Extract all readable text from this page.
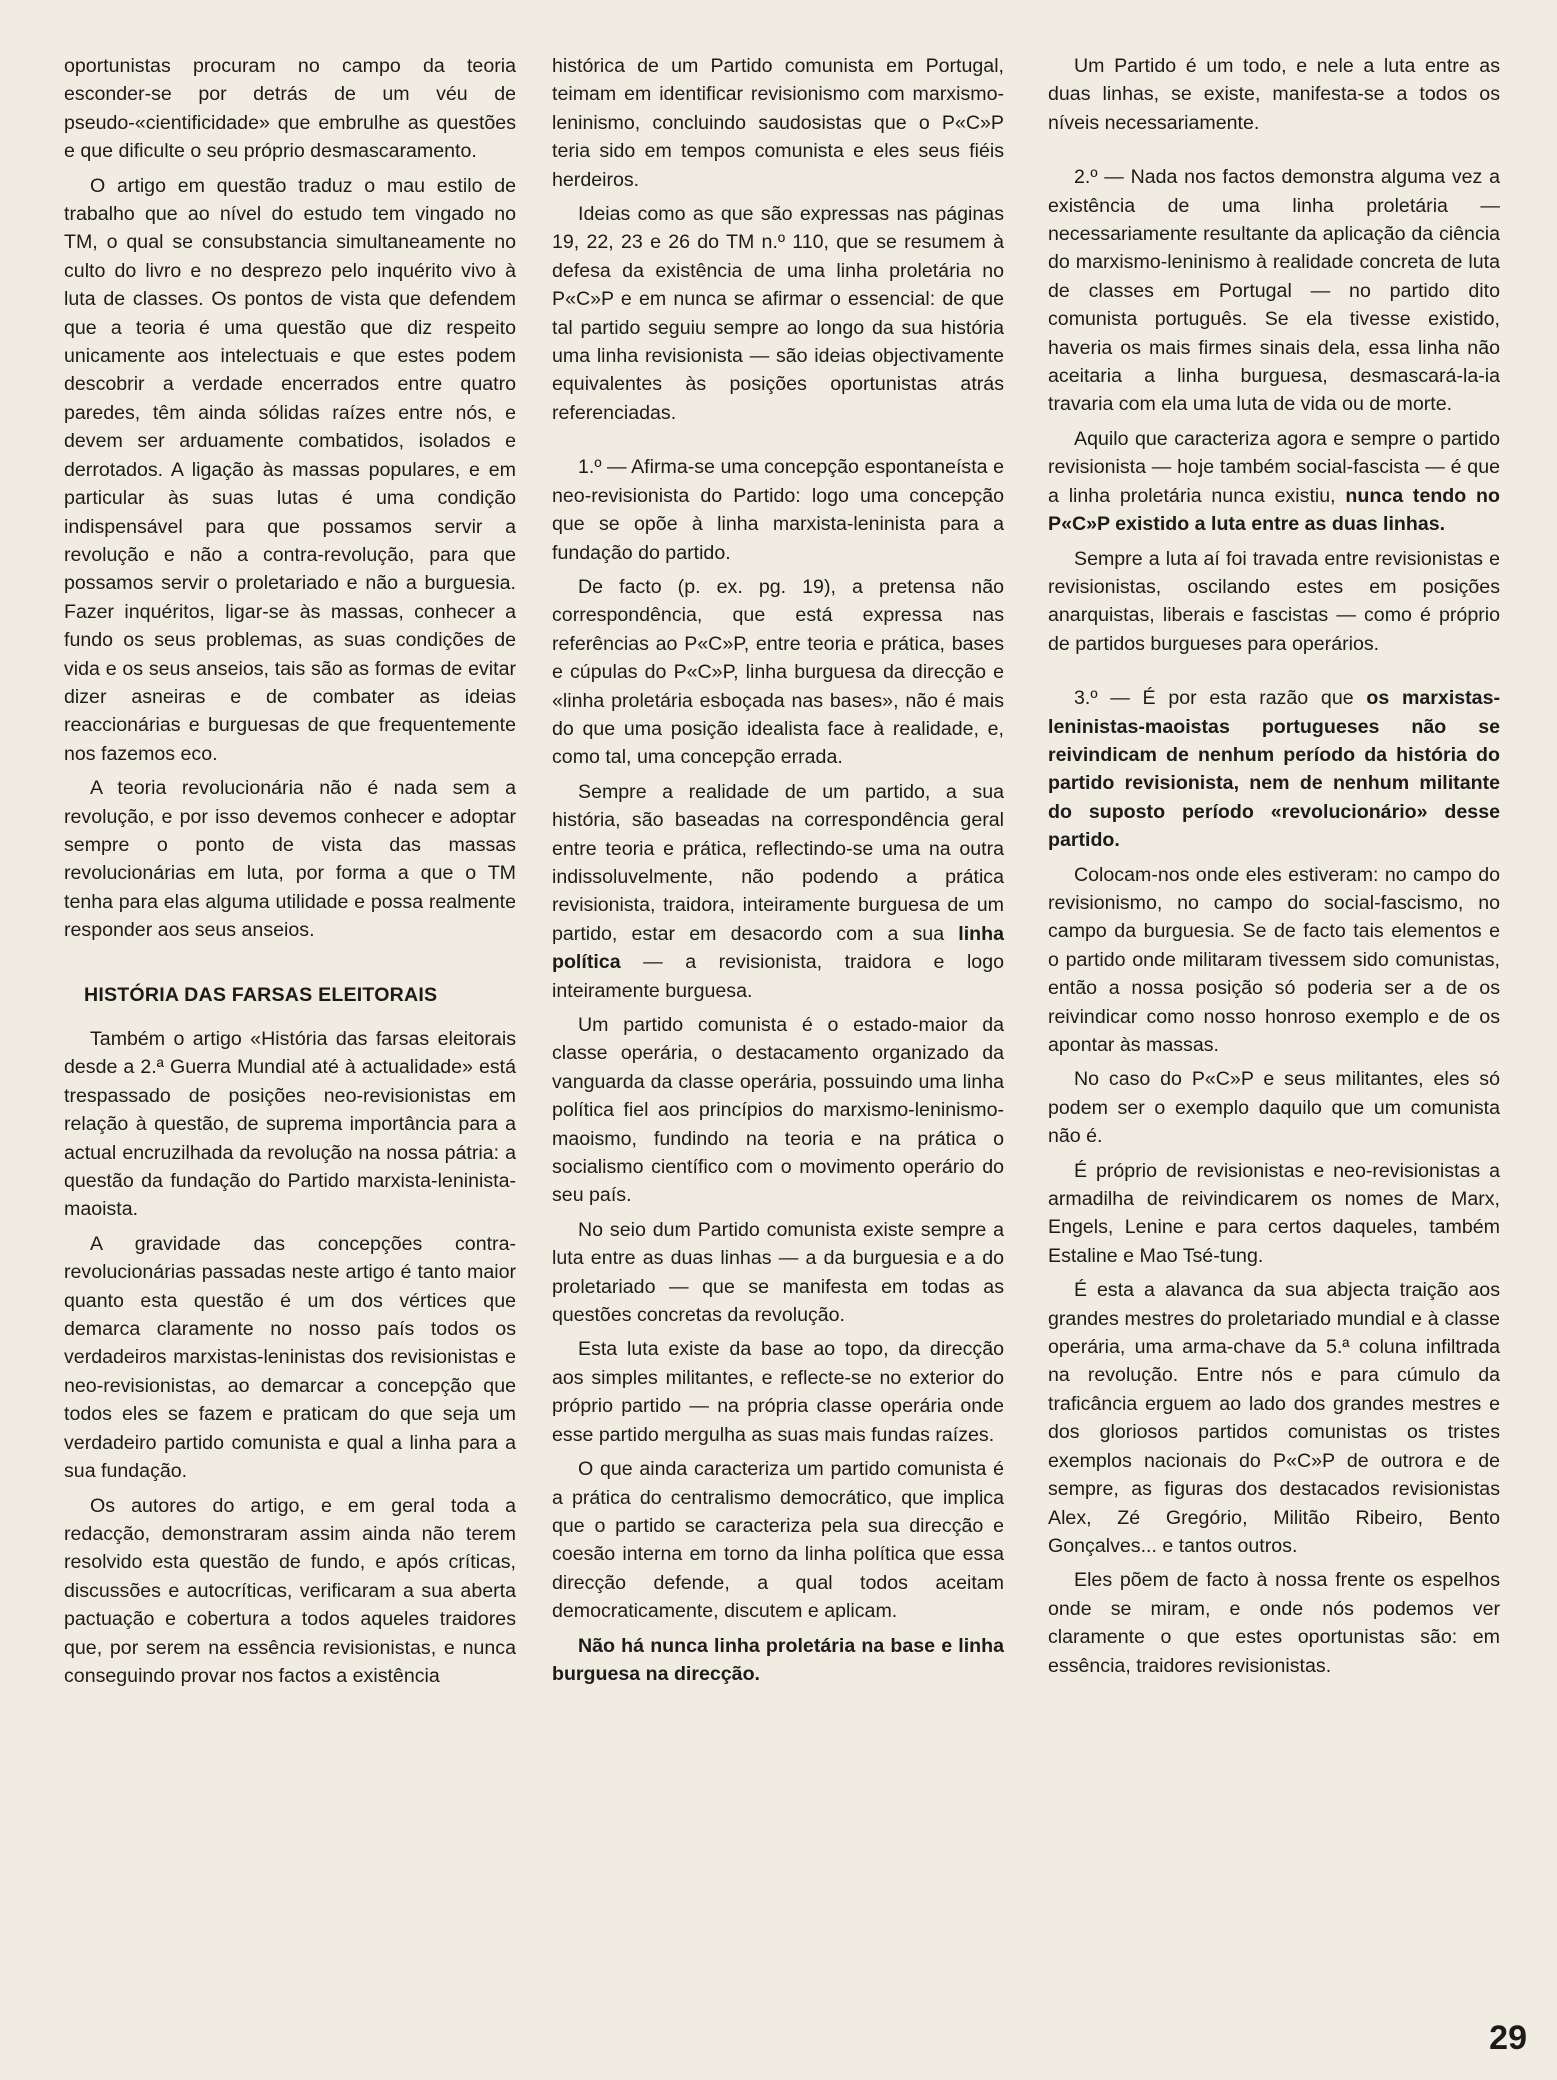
oportunistas procuram no campo da teoria esconder-se por detrás de um véu de pseudo-«cientificidade» que embrulhe as questões e que dificulte o seu próprio desmascaramento.

O artigo em questão traduz o mau estilo de trabalho que ao nível do estudo tem vingado no TM, o qual se consubstancia simultaneamente no culto do livro e no desprezo pelo inquérito vivo à luta de classes. Os pontos de vista que defendem que a teoria é uma questão que diz respeito unicamente aos intelectuais e que estes podem descobrir a verdade encerrados entre quatro paredes, têm ainda sólidas raízes entre nós, e devem ser arduamente combatidos, isolados e derrotados. A ligação às massas populares, e em particular às suas lutas é uma condição indispensável para que possamos servir a revolução e não a contra-revolução, para que possamos servir o proletariado e não a burguesia. Fazer inquéritos, ligar-se às massas, conhecer a fundo os seus problemas, as suas condições de vida e os seus anseios, tais são as formas de evitar dizer asneiras e de combater as ideias reaccionárias e burguesas de que frequentemente nos fazemos eco.

A teoria revolucionária não é nada sem a revolução, e por isso devemos conhecer e adoptar sempre o ponto de vista das massas revolucionárias em luta, por forma a que o TM tenha para elas alguma utilidade e possa realmente responder aos seus anseios.

HISTÓRIA DAS FARSAS ELEITORAIS

Também o artigo «História das farsas eleitorais desde a 2.ª Guerra Mundial até à actualidade» está trespassado de posições neo-revisionistas em relação à questão, de suprema importância para a actual encruzilhada da revolução na nossa pátria: a questão da fundação do Partido marxista-leninista-maoista.

A gravidade das concepções contra-revolucionárias passadas neste artigo é tanto maior quanto esta questão é um dos vértices que demarca claramente no nosso país todos os verdadeiros marxistas-leninistas dos revisionistas e neo-revisionistas, ao demarcar a concepção que todos eles se fazem e praticam do que seja um verdadeiro partido comunista e qual a linha para a sua fundação.

Os autores do artigo, e em geral toda a redacção, demonstraram assim ainda não terem resolvido esta questão de fundo, e após críticas, discussões e autocríticas, verificaram a sua aberta pactuação e cobertura a todos aqueles traidores que, por serem na essência revisionistas, e nunca conseguindo provar nos factos a existência

histórica de um Partido comunista em Portugal, teimam em identificar revisionismo com marxismo-leninismo, concluindo saudosistas que o P«C»P teria sido em tempos comunista e eles seus fiéis herdeiros.

Ideias como as que são expressas nas páginas 19, 22, 23 e 26 do TM n.º 110, que se resumem à defesa da existência de uma linha proletária no P«C»P e em nunca se afirmar o essencial: de que tal partido seguiu sempre ao longo da sua história uma linha revisionista — são ideias objectivamente equivalentes às posições oportunistas atrás referenciadas.

1.º — Afirma-se uma concepção espontaneísta e neo-revisionista do Partido: logo uma concepção que se opõe à linha marxista-leninista para a fundação do partido.

De facto (p. ex. pg. 19), a pretensa não correspondência, que está expressa nas referências ao P«C»P, entre teoria e prática, bases e cúpulas do P«C»P, linha burguesa da direcção e «linha proletária esboçada nas bases», não é mais do que uma posição idealista face à realidade, e, como tal, uma concepção errada.

Sempre a realidade de um partido, a sua história, são baseadas na correspondência geral entre teoria e prática, reflectindo-se uma na outra indissoluvelmente, não podendo a prática revisionista, traidora, inteiramente burguesa de um partido, estar em desacordo com a sua linha política — a revisionista, traidora e logo inteiramente burguesa.

Um partido comunista é o estado-maior da classe operária, o destacamento organizado da vanguarda da classe operária, possuindo uma linha política fiel aos princípios do marxismo-leninismo-maoismo, fundindo na teoria e na prática o socialismo científico com o movimento operário do seu país.

No seio dum Partido comunista existe sempre a luta entre as duas linhas — a da burguesia e a do proletariado — que se manifesta em todas as questões concretas da revolução.

Esta luta existe da base ao topo, da direcção aos simples militantes, e reflecte-se no exterior do próprio partido — na própria classe operária onde esse partido mergulha as suas mais fundas raízes.

O que ainda caracteriza um partido comunista é a prática do centralismo democrático, que implica que o partido se caracteriza pela sua direcção e coesão interna em torno da linha política que essa direcção defende, a qual todos aceitam democraticamente, discutem e aplicam.

Não há nunca linha proletária na base e linha burguesa na direcção.

Um Partido é um todo, e nele a luta entre as duas linhas, se existe, manifesta-se a todos os níveis necessariamente.

2.º — Nada nos factos demonstra alguma vez a existência de uma linha proletária — necessariamente resultante da aplicação da ciência do marxismo-leninismo à realidade concreta de luta de classes em Portugal — no partido dito comunista português. Se ela tivesse existido, haveria os mais firmes sinais dela, essa linha não aceitaria a linha burguesa, desmascará-la-ia travaria com ela uma luta de vida ou de morte.

Aquilo que caracteriza agora e sempre o partido revisionista — hoje também social-fascista — é que a linha proletária nunca existiu, nunca tendo no P«C»P existido a luta entre as duas linhas.

Sempre a luta aí foi travada entre revisionistas e revisionistas, oscilando estes em posições anarquistas, liberais e fascistas — como é próprio de partidos burgueses para operários.

3.º — É por esta razão que os marxistas-leninistas-maoistas portugueses não se reivindicam de nenhum período da história do partido revisionista, nem de nenhum militante do suposto período «revolucionário» desse partido.

Colocam-nos onde eles estiveram: no campo do revisionismo, no campo do social-fascismo, no campo da burguesia. Se de facto tais elementos e o partido onde militaram tivessem sido comunistas, então a nossa posição só poderia ser a de os reivindicar como nosso honroso exemplo e de os apontar às massas.

No caso do P«C»P e seus militantes, eles só podem ser o exemplo daquilo que um comunista não é.

É próprio de revisionistas e neo-revisionistas a armadilha de reivindicarem os nomes de Marx, Engels, Lenine e para certos daqueles, também Estaline e Mao Tsé-tung.

É esta a alavanca da sua abjecta traição aos grandes mestres do proletariado mundial e à classe operária, uma arma-chave da 5.ª coluna infiltrada na revolução. Entre nós e para cúmulo da traficância erguem ao lado dos grandes mestres e dos gloriosos partidos comunistas os tristes exemplos nacionais do P«C»P de outrora e de sempre, as figuras dos destacados revisionistas Alex, Zé Gregório, Militão Ribeiro, Bento Gonçalves... e tantos outros.

Eles põem de facto à nossa frente os espelhos onde se miram, e onde nós podemos ver claramente o que estes oportunistas são: em essência, traidores revisionistas.

29
